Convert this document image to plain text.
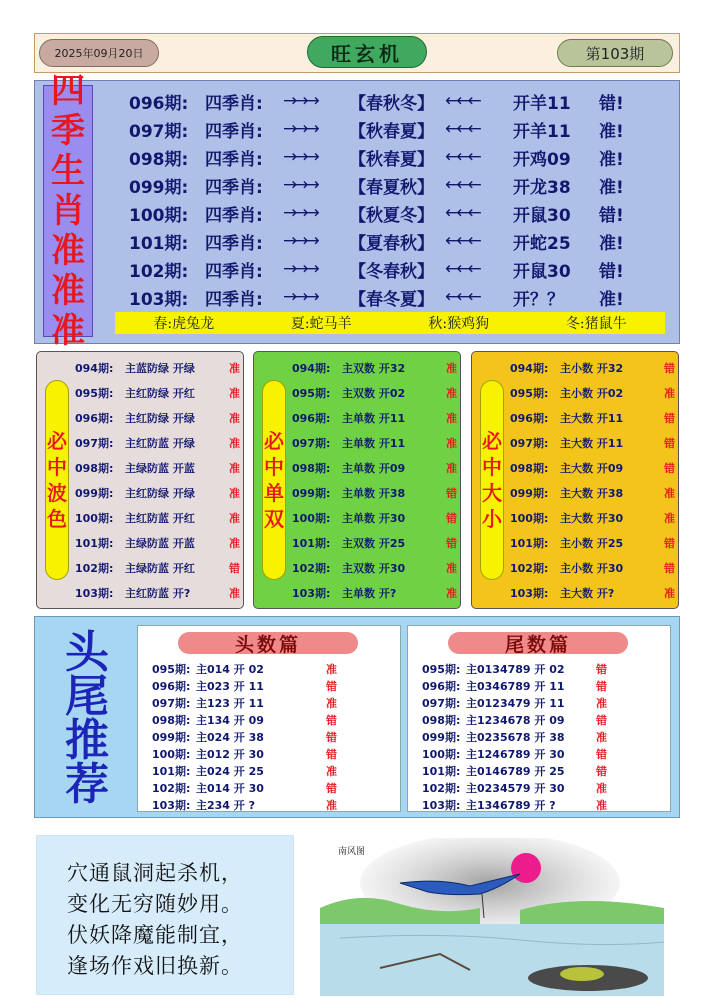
2025年09月20日	旺玄机	第103期
四
季
生
肖
准
准
准
096期: 四季肖:	→→→	【春秋冬】 ←←←	开羊11	错!
097期: 四季肖:	→→→	【秋春夏】 ←←←	开羊11	准!
098期: 四季肖:	→→→	【秋春夏】 ←←←	开鸡09	准!
099期: 四季肖:	→→→	【春夏秋】 ←←←	开龙38	准!
100期: 四季肖:	→→→	【秋夏冬】 ←←←	开鼠30	错!
101期: 四季肖:	→→→	【夏春秋】 ←←←	开蛇25	准!
102期: 四季肖:	→→→	【冬春秋】 ←←←	开鼠30	错!
103期: 四季肖:	→→→	【春冬夏】 ←←←	开？？	准!
春:虎兔龙	夏:蛇马羊	秋:猴鸡狗	冬:猪鼠牛
必
中
波
色
094期:	主蓝防绿 开绿	准
095期:	主红防绿 开红	准
096期:	主红防绿 开绿	准
097期:	主红防蓝 开绿	准
098期:	主绿防蓝 开蓝	准
099期:	主红防绿 开绿	准
100期:	主红防蓝 开红	准
101期:	主绿防蓝 开蓝	准
102期:	主绿防蓝 开红	错
103期:	主红防蓝 开?	准
必
中
单
双
094期:	主双数 开32	准
095期:	主双数 开02	准
096期:	主单数 开11	准
097期:	主单数 开11	准
098期:	主单数 开09	准
099期:	主单数 开38	错
100期:	主单数 开30	错
101期:	主双数 开25	错
102期:	主双数 开30	准
103期:	主单数 开?	准
必
中
大
小
094期:	主小数 开32	错
095期:	主小数 开02	准
096期:	主大数 开11	错
097期:	主大数 开11	错
098期:	主大数 开09	错
099期:	主大数 开38	准
100期:	主大数 开30	准
101期:	主小数 开25	错
102期:	主小数 开30	错
103期:	主大数 开?	准
头
尾
推
荐
头数篇
095期: 主014 开 02	准
096期: 主023 开 11	错
097期: 主123 开 11	准
098期: 主134 开 09	错
099期: 主024 开 38	错
100期: 主012 开 30	错
101期: 主024 开 25	准
102期: 主014 开 30	错
103期: 主234 开 ?	准
尾数篇
095期: 主0134789 开 02	错
096期: 主0346789 开 11	错
097期: 主0123479 开 11	准
098期: 主1234678 开 09	错
099期: 主0235678 开 38	准
100期: 主1246789 开 30	错
101期: 主0146789 开 25	错
102期: 主0234579 开 30	准
103期: 主1346789 开 ?	准
穴通鼠洞起杀机，
变化无穷随妙用。
伏妖降魔能制宜，
逢场作戏旧换新。
南风图
